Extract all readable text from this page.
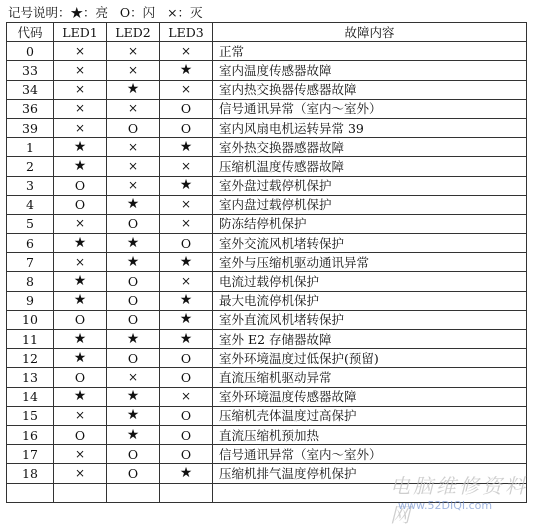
记号说明：★：亮   O：闪   ×：灭
代码	LED1	LED2	LED3	故障内容
0	×	×	×	正常
33	×	×	★	室内温度传感器故障
34	×	★	×	室内热交换器传感器故障
36	×	×	O	信号通讯异常（室内～室外）
39	×	O	O	室内风扇电机运转异常 39
1	★	×	★	室外热交换器感器故障
2	★	×	×	压缩机温度传感器故障
3	O	×	★	室外盘过载停机保护
4	O	★	×	室内盘过载停机保护
5	×	O	×	防冻结停机保护
6	★	★	O	室外交流风机堵转保护
7	×	★	★	室外与压缩机驱动通讯异常
8	★	O	×	电流过载停机保护
9	★	O	★	最大电流停机保护
10	O	O	★	室外直流风机堵转保护
11	★	★	★	室外 E2 存储器故障
12	★	O	O	室外环境温度过低保护(预留)
13	O	×	O	直流压缩机驱动异常
14	★	★	×	室外环境温度传感器故障
15	×	★	O	压缩机壳体温度过高保护
16	O	★	O	直流压缩机预加热
17	×	O	O	信号通讯异常（室内～室外）
18	×	O	★	压缩机排气温度停机保护

电脑维修资料网
www.52DIQI.com
